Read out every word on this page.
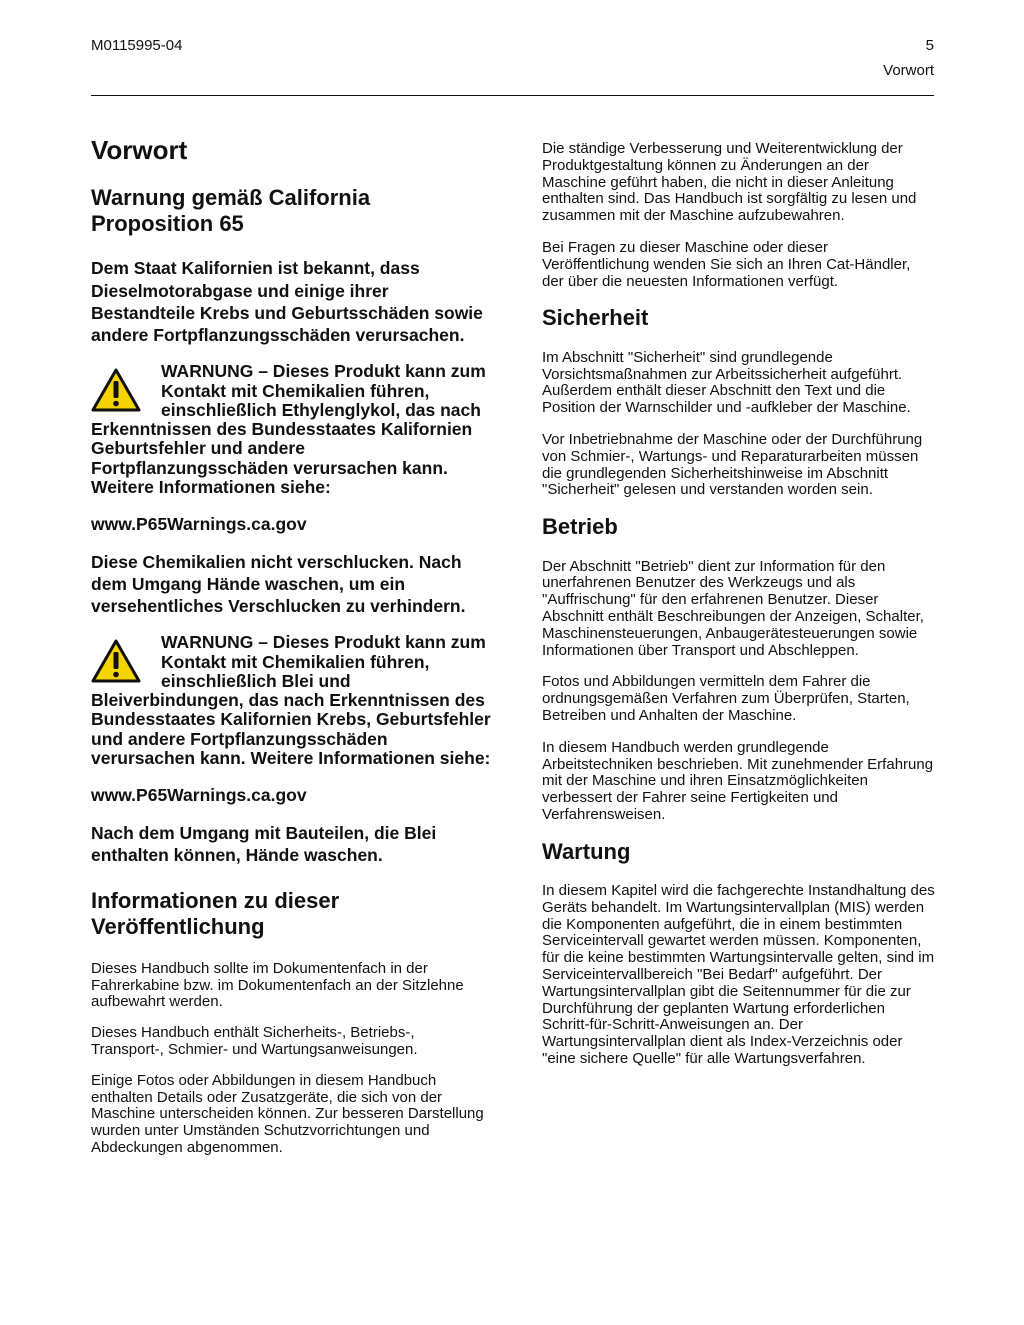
M0115995-04	5
Vorwort
Vorwort
Warnung gemäß California Proposition 65

Dem Staat Kalifornien ist bekannt, dass Dieselmotorabgase und einige ihrer Bestandteile Krebs und Geburtsschäden sowie andere Fortpflanzungsschäden verursachen.

WARNUNG – Dieses Produkt kann zum Kontakt mit Chemikalien führen, einschließlich Ethylenglykol, das nach Erkenntnissen des Bundesstaates Kalifornien Geburtsfehler und andere Fortpflanzungsschäden verursachen kann. Weitere Informationen siehe:

www.P65Warnings.ca.gov

Diese Chemikalien nicht verschlucken. Nach dem Umgang Hände waschen, um ein versehentliches Verschlucken zu verhindern.

WARNUNG – Dieses Produkt kann zum Kontakt mit Chemikalien führen, einschließlich Blei und Bleiverbindungen, das nach Erkenntnissen des Bundesstaates Kalifornien Krebs, Geburtsfehler und andere Fortpflanzungsschäden verursachen kann. Weitere Informationen siehe:

www.P65Warnings.ca.gov

Nach dem Umgang mit Bauteilen, die Blei enthalten können, Hände waschen.

Informationen zu dieser Veröffentlichung

Dieses Handbuch sollte im Dokumentenfach in der Fahrerkabine bzw. im Dokumentenfach an der Sitzlehne aufbewahrt werden.

Dieses Handbuch enthält Sicherheits-, Betriebs-, Transport-, Schmier- und Wartungsanweisungen.

Einige Fotos oder Abbildungen in diesem Handbuch enthalten Details oder Zusatzgeräte, die sich von der Maschine unterscheiden können. Zur besseren Darstellung wurden unter Umständen Schutzvorrichtungen und Abdeckungen abgenommen.

Die ständige Verbesserung und Weiterentwicklung der Produktgestaltung können zu Änderungen an der Maschine geführt haben, die nicht in dieser Anleitung enthalten sind. Das Handbuch ist sorgfältig zu lesen und zusammen mit der Maschine aufzubewahren.

Bei Fragen zu dieser Maschine oder dieser Veröffentlichung wenden Sie sich an Ihren Cat-Händler, der über die neuesten Informationen verfügt.

Sicherheit

Im Abschnitt "Sicherheit" sind grundlegende Vorsichtsmaßnahmen zur Arbeitssicherheit aufgeführt. Außerdem enthält dieser Abschnitt den Text und die Position der Warnschilder und -aufkleber der Maschine.

Vor Inbetriebnahme der Maschine oder der Durchführung von Schmier-, Wartungs- und Reparaturarbeiten müssen die grundlegenden Sicherheitshinweise im Abschnitt "Sicherheit" gelesen und verstanden worden sein.

Betrieb

Der Abschnitt "Betrieb" dient zur Information für den unerfahrenen Benutzer des Werkzeugs und als "Auffrischung" für den erfahrenen Benutzer. Dieser Abschnitt enthält Beschreibungen der Anzeigen, Schalter, Maschinensteuerungen, Anbaugerätesteuerungen sowie Informationen über Transport und Abschleppen.

Fotos und Abbildungen vermitteln dem Fahrer die ordnungsgemäßen Verfahren zum Überprüfen, Starten, Betreiben und Anhalten der Maschine.

In diesem Handbuch werden grundlegende Arbeitstechniken beschrieben. Mit zunehmender Erfahrung mit der Maschine und ihren Einsatzmöglichkeiten verbessert der Fahrer seine Fertigkeiten und Verfahrensweisen.

Wartung

In diesem Kapitel wird die fachgerechte Instandhaltung des Geräts behandelt. Im Wartungsintervallplan (MIS) werden die Komponenten aufgeführt, die in einem bestimmten Serviceintervall gewartet werden müssen. Komponenten, für die keine bestimmten Wartungsintervalle gelten, sind im Serviceintervallbereich "Bei Bedarf" aufgeführt. Der Wartungsintervallplan gibt die Seitennummer für die zur Durchführung der geplanten Wartung erforderlichen Schritt-für-Schritt-Anweisungen an. Der Wartungsintervallplan dient als Index-Verzeichnis oder "eine sichere Quelle" für alle Wartungsverfahren.
